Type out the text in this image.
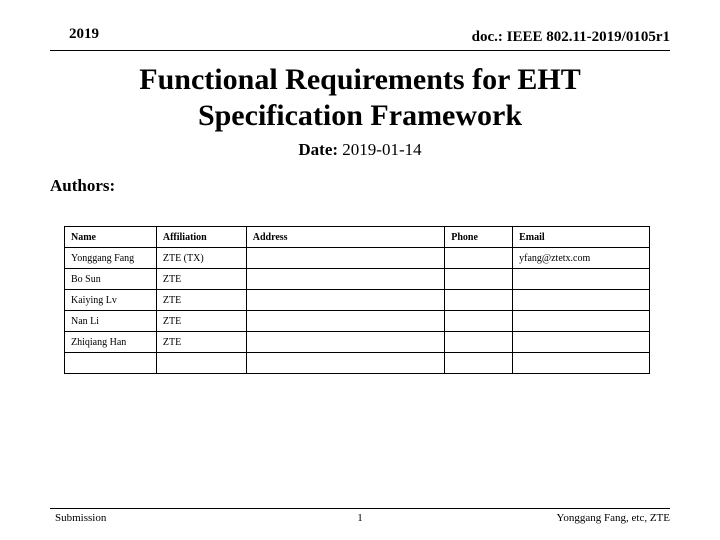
2019	doc.: IEEE 802.11-2019/0105r1
Functional Requirements for EHT
Specification Framework
Date: 2019-01-14
Authors:
Name	Affiliation	Address	Phone	Email
Yonggang Fang	ZTE (TX)			yfang@ztetx.com
Bo Sun	ZTE			
Kaiying Lv	ZTE			
Nan Li	ZTE			
Zhiqiang Han	ZTE			

Submission	1	Yonggang Fang, etc, ZTE
